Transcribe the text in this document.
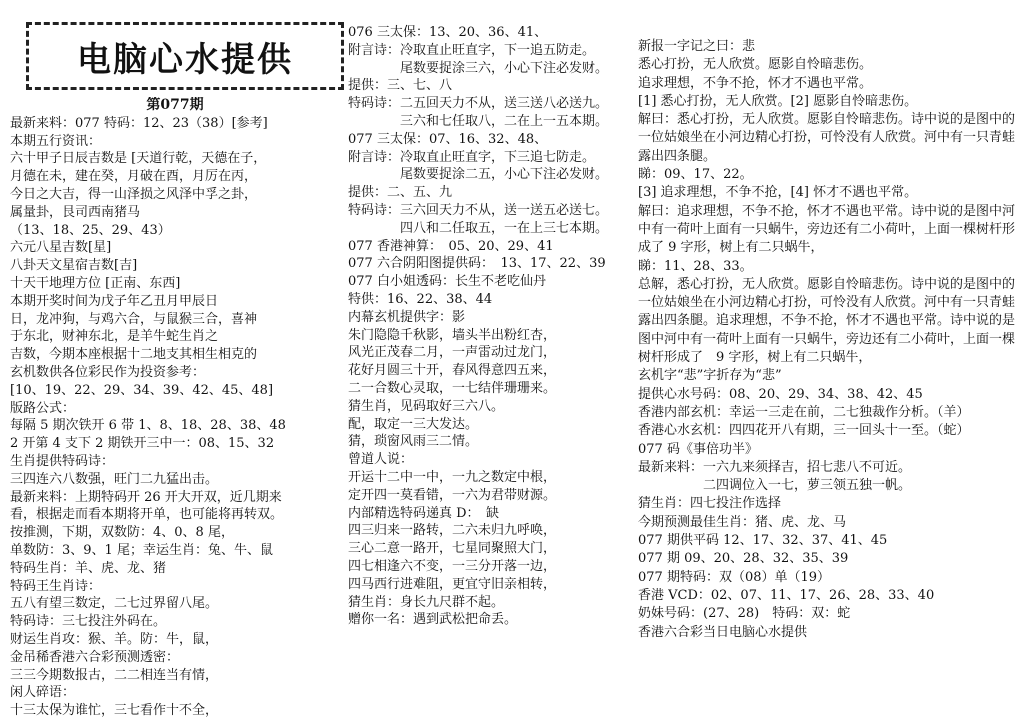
电脑心水提供
第077期
最新来料：077 特码：12、23（38）[参考]
本期五行资讯：
六十甲子日辰吉数是 [天道行乾，天德在子，
月德在未，建在癸，月破在酉，月厉在丙，
今日之大吉，得一山泽损之风泽中孚之卦，
属量卦，艮司西南猪马
（13、18、25、29、43）
六元八星吉数[星]
八卦天文星宿吉数[吉]
十天干地理方位 [正南、东西]
本期开奖时间为戊子年乙丑月甲辰日
日，龙冲狗，与鸡六合，与鼠猴三合，喜神
于东北，财神东北，是羊牛蛇生肖之
吉数，今期本座根据十二地支其相生相克的
玄机数供各位彩民作为投资参考：
[10、19、22、29、34、39、42、45、48]
版路公式：
每隔 5 期次铁开 6 带 1、8、18、28、38、48
2 开第 4 支下 2 期铁开三中一：08、15、32
生肖提供特码诗：
三四连六八数强，旺门二九猛出击。
最新来料：上期特码开 26 开大开双，近几期来
看，根据走而看本期将开单，也可能将再转双。
按推测，下期，双数防：4、0、8 尾，
单数防：3、9、1 尾；幸运生肖：兔、牛、鼠
特码生肖：羊、虎、龙、猪
特码王生肖诗：
五八有望三数定，二七过界留八尾。
特码诗：三七投注外码在。
财运生肖攻：猴、羊。防：牛，鼠，
金吊稀香港六合彩预测透密：
三三今期数报古，二二相连当有情，
闲人碎语：
十三太保为谁忙，三七看作十不全，
076 三太保：13、20、36、41、
附言诗：冷取直止旺直字，下一追五防走。
　　　　尾数要捉涂三六，小心下注必发财。
提供：三、七、八
特码诗：二五回天力不从，送三送八必送九。
　　　　三六和七任取八，二在上一五本期。
077 三太保：07、16、32、48、
附言诗：冷取直止旺直字，下三追七防走。
　　　　尾数要捉涂二五，小心下注必发财。
提供：二、五、九
特码诗：三六回天力不从，送一送五必送七。
　　　　四八和二任取五，一在上三七本期。
077 香港神算：　05、20、29、41
077 六合阴阳图提供码：　13、17、22、39
077 白小姐透码：长生不老吃仙丹
特供：16、22、38、44
内幕玄机提供字：影
朱门隐隐千秋影，墙头半出粉红杏，
风光正茂春二月，一声雷动过龙门，
花好月圆三十开，春风得意四五来，
二一合数心灵取，一七结伴珊珊来。
猜生肖，见码取好三六八。
配，取定一三大发达。
猜，琐窗风雨三二情。
曾道人说：
开运十二中一中，一九之数定中根，
定开四一莫看错，一六为君带财源。
内部精选特码递真 D：　缺
四三归来一路转，二六未归九呼唤，
三心二意一路开，七星同聚照大门，
四七相逢六不变，一三分开落一边，
四马西行进难阻，更宜守旧亲相转，
猜生肖：身长九尺群不起。
赠你一名：遇到武松把命丢。
新报一字记之曰：悲
悉心打扮，无人欣赏。愿影自怜暗悲伤。
追求理想，不争不抢，怀才不遇也平常。
[1] 悉心打扮，无人欣赏。[2] 愿影自怜暗悲伤。
解曰：悉心打扮，无人欣赏。愿影自怜暗悲伤。诗中说的是图中的一位姑娘坐在小河边精心打扮，可怜没有人欣赏。河中有一只青蛙露出四条腿。
睇：09、17、22。
[3] 追求理想，不争不抢，[4] 怀才不遇也平常。
解曰：追求理想，不争不抢，怀才不遇也平常。诗中说的是图中河中有一荷叶上面有一只蜗牛，旁边还有二小荷叶，上面一棵树杆形成了 9 字形，树上有二只蜗牛，
睇：11、28、33。
总解，悉心打扮，无人欣赏。愿影自怜暗悲伤。诗中说的是图中的一位姑娘坐在小河边精心打扮，可怜没有人欣赏。河中有一只青蛙露出四条腿。追求理想，不争不抢，怀才不遇也平常。诗中说的是图中河中有一荷叶上面有一只蜗牛，旁边还有二小荷叶，上面一棵树杆形成了　9 字形，树上有二只蜗牛，
玄机字“悲”字折存为“悲”
提供心水号码：08、20、29、34、38、42、45
香港内部玄机：幸运一三走在前，二七独裁作分析。（羊）
香港心水玄机：四四花开八有期，三一回头十一至。（蛇）
077 码《事倍功半》
最新来料：一六九来须择吉，招七悲八不可近。
　　　　　二四调位入一七，萝三领五独一帆。
猜生肖：四七投注作选择
今期预测最佳生肖：猪、虎、龙、马
077 期供平码 12、17、32、37、41、45
077 期 09、20、28、32、35、39
077 期特码：双（08）单（19）
香港 VCD：02、07、11、17、26、28、33、40
奶妹号码：(27、28)　特码：双：蛇
香港六合彩当日电脑心水提供
